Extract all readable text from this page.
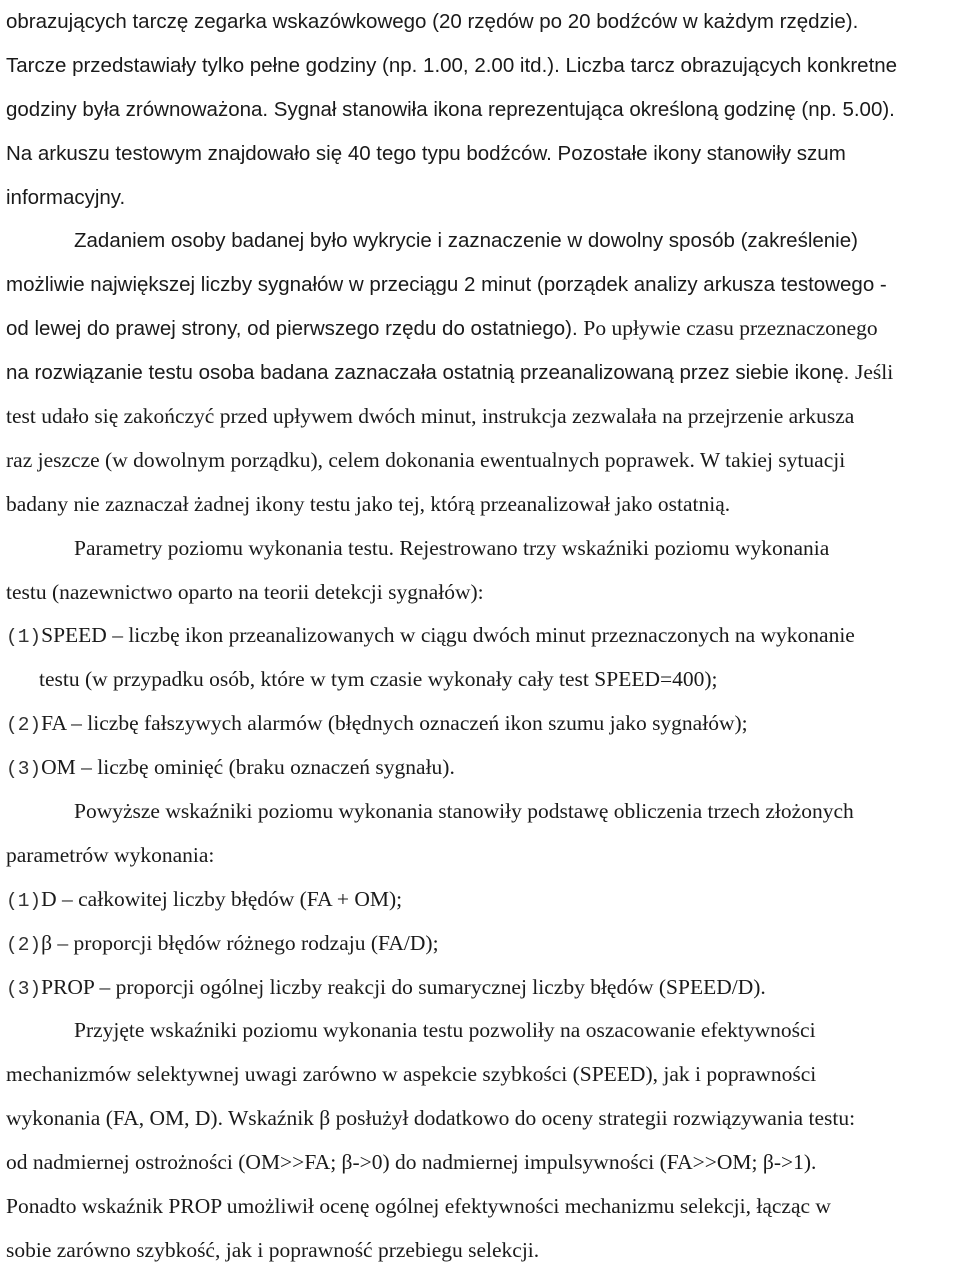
obrazujących tarczę zegarka wskazówkowego (20 rzędów po 20 bodźców w każdym rzędzie).
Tarcze przedstawiały tylko pełne godziny (np. 1.00, 2.00 itd.). Liczba tarcz obrazujących konkretne
godziny była zrównoważona. Sygnał stanowiła ikona reprezentująca określoną godzinę (np. 5.00).
Na arkuszu testowym znajdowało się 40 tego typu bodźców. Pozostałe ikony stanowiły szum
informacyjny.
Zadaniem osoby badanej było wykrycie i zaznaczenie w dowolny sposób (zakreślenie)
możliwie największej liczby sygnałów w przeciągu 2 minut (porządek analizy arkusza testowego -
od lewej do prawej strony, od pierwszego rzędu do ostatniego). Po upływie czasu przeznaczonego
na rozwiązanie testu osoba badana zaznaczała ostatnią przeanalizowaną przez siebie ikonę. Jeśli
test udało się zakończyć przed upływem dwóch minut, instrukcja zezwalała na przejrzenie arkusza
raz jeszcze (w dowolnym porządku), celem dokonania ewentualnych poprawek. W takiej sytuacji
badany nie zaznaczał żadnej ikony testu jako tej, którą przeanalizował jako ostatnią.
Parametry poziomu wykonania testu. Rejestrowano trzy wskaźniki poziomu wykonania
testu (nazewnictwo oparto na teorii detekcji sygnałów):
(1)SPEED – liczbę ikon przeanalizowanych w ciągu dwóch minut przeznaczonych na wykonanie
testu (w przypadku osób, które w tym czasie wykonały cały test SPEED=400);
(2)FA – liczbę fałszywych alarmów (błędnych oznaczeń ikon szumu jako sygnałów);
(3)OM – liczbę ominięć (braku oznaczeń sygnału).
Powyższe wskaźniki poziomu wykonania stanowiły podstawę obliczenia trzech złożonych
parametrów wykonania:
(1)D – całkowitej liczby błędów (FA + OM);
(2)β – proporcji błędów różnego rodzaju (FA/D);
(3)PROP – proporcji ogólnej liczby reakcji do sumarycznej liczby błędów (SPEED/D).
Przyjęte wskaźniki poziomu wykonania testu pozwoliły na oszacowanie efektywności
mechanizmów selektywnej uwagi zarówno w aspekcie szybkości (SPEED), jak i poprawności
wykonania (FA, OM, D). Wskaźnik β posłużył dodatkowo do oceny strategii rozwiązywania testu:
od nadmiernej ostrożności (OM>>FA; β->0) do nadmiernej impulsywności (FA>>OM; β->1).
Ponadto wskaźnik PROP umożliwił ocenę ogólnej efektywności mechanizmu selekcji, łącząc w
sobie zarówno szybkość, jak i poprawność przebiegu selekcji.
